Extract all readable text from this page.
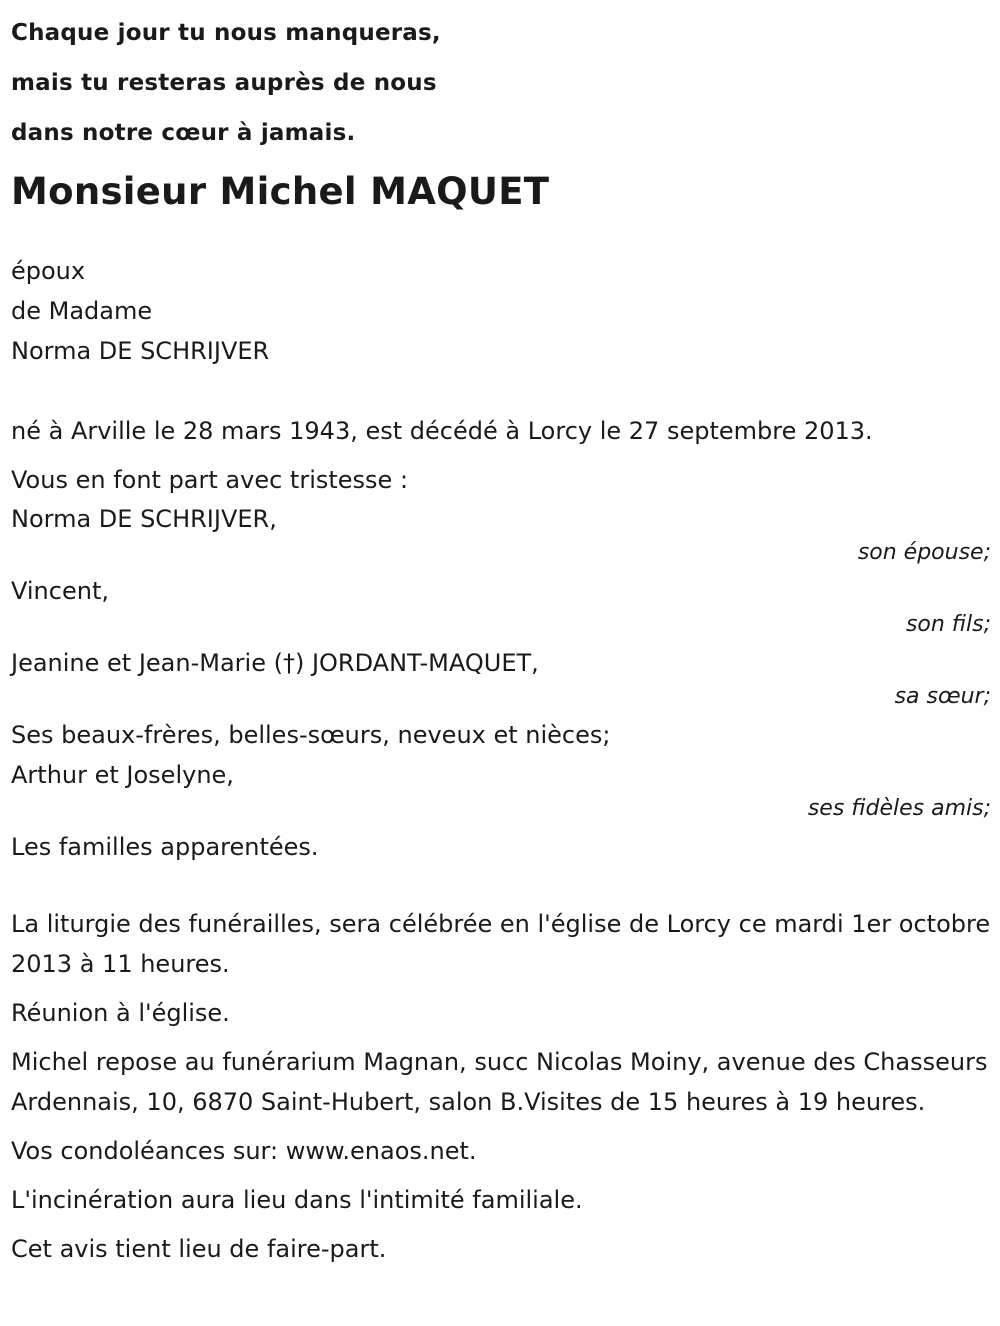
Chaque jour tu nous manqueras,
mais tu resteras auprès de nous
dans notre cœur à jamais.
Monsieur Michel MAQUET
époux
de Madame
Norma DE SCHRIJVER
né à Arville le 28 mars 1943, est décédé à Lorcy le 27 septembre 2013.
Vous en font part avec tristesse :
Norma DE SCHRIJVER,
son épouse;
Vincent,
son fils;
Jeanine et Jean-Marie (†) JORDANT-MAQUET,
sa sœur;
Ses beaux-frères, belles-sœurs, neveux et nièces;
Arthur et Joselyne,
ses fidèles amis;
Les familles apparentées.
La liturgie des funérailles, sera célébrée en l'église de Lorcy ce mardi 1er octobre 2013 à 11 heures.
Réunion à l'église.
Michel repose au funérarium Magnan, succ Nicolas Moiny, avenue des Chasseurs Ardennais, 10, 6870 Saint-Hubert, salon B.Visites de 15 heures à 19 heures.
Vos condoléances sur: www.enaos.net.
L'incinération aura lieu dans l'intimité familiale.
Cet avis tient lieu de faire-part.
